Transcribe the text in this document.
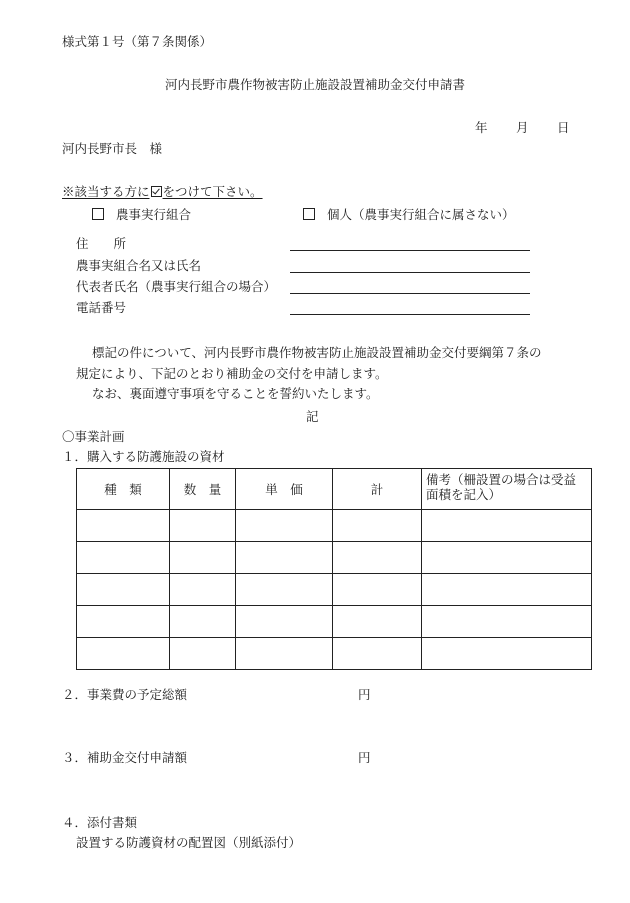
様式第１号（第７条関係）
河内長野市農作物被害防止施設設置補助金交付申請書
年 月 日
河内長野市長　様
※該当する方に をつけて下さい。
農事実行組合	個人（農事実行組合に属さない）
住　　所
農事実組合名又は氏名
代表者氏名（農事実行組合の場合）
電話番号
標記の件について、河内長野市農作物被害防止施設設置補助金交付要綱第７条の
規定により、下記のとおり補助金の交付を申請します。
なお、裏面遵守事項を守ることを誓約いたします。
記
〇事業計画
１．購入する防護施設の資材
種　類	数　量	単　価	計	備考（柵設置の場合は受益面積を記入）

２．事業費の予定総額	円
３．補助金交付申請額	円
４．添付書類
設置する防護資材の配置図（別紙添付）
